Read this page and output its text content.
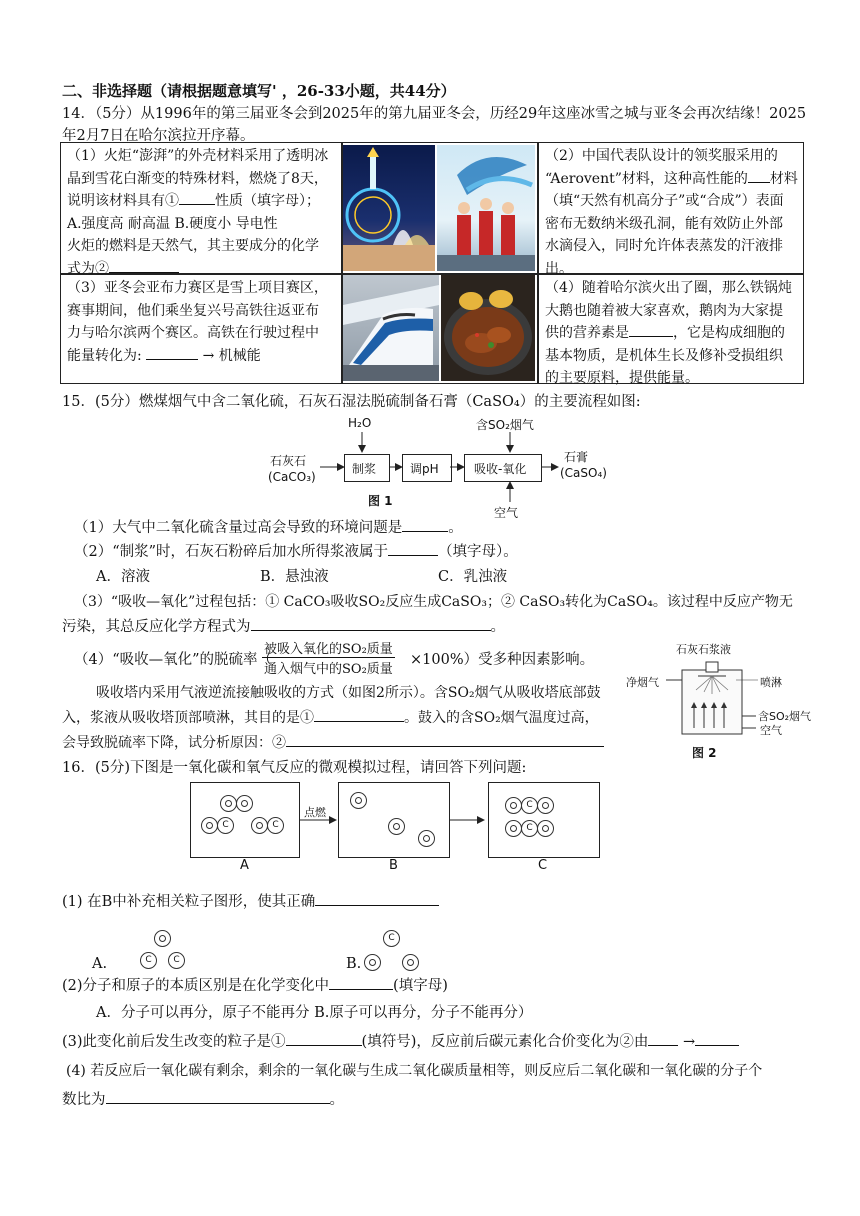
二、非选择题（请根据题意填写' ，26-33小题，共44分）
14．（5分）从1996年的第三届亚冬会到2025年的第九届亚冬会，历经29年这座冰雪之城与亚冬会再次结缘！2025
年2月7日在哈尔滨拉开序幕。
（1）火炬“澎湃”的外壳材料采用了透明冰
晶到雪花白渐变的特殊材料，燃烧了8天，
说明该材料具有①	性质（填字母）；
A.强度高 耐高温 B.硬度小 导电性
火炬的燃料是天然气，其主要成分的化学
式为②
（2）中国代表队设计的领奖服采用的
“Aerovent”材料，这种高性能的 材料
（填“天然有机高分子”或“合成”）表面
密布无数纳米级孔洞，能有效防止外部
水滴侵入，同时允许体表蒸发的汗液排
出。
（3）亚冬会亚布力赛区是雪上项目赛区，
赛事期间，他们乘坐复兴号高铁往返亚布
力与哈尔滨两个赛区。高铁在行驶过程中
能量转化为:	→ 机械能
（4）随着哈尔滨火出了圈，那么铁锅炖
大鹅也随着被大家喜欢，鹅肉为大家提
供的营养素是	，它是构成细胞的
基本物质，是机体生长及修补受损组织
的主要原料，提供能量。
15．(5分）燃煤烟气中含二氧化硫，石灰石湿法脱硫制备石膏（CaSO₄）的主要流程如图:
制浆	调pH	吸收-氧化
H₂O	含SO₂烟气
石灰石
(CaCO₃)
石膏
(CaSO₄)
空气
图 1
（1）大气中二氧化硫含量过高会导致的环境问题是	。
（2）“制浆”时，石灰石粉碎后加水所得浆液属于	（填字母）。
A．溶液	B．悬浊液	C．乳浊液
（3）“吸收—氧化”过程包括：① CaCO₃吸收SO₂反应生成CaSO₃；② CaSO₃转化为CaSO₄。该过程中反应产物无
污染，其总反应化学方程式为	。
（4）“吸收—氧化”的脱硫率（
被吸入氧化的SO₂质量
通入烟气中的SO₂质量
×100%）受多种因素影响。
吸收塔内采用气液逆流接触吸收的方式（如图2所示）。含SO₂烟气从吸收塔底部鼓
入，浆液从吸收塔顶部喷淋，其目的是①	。鼓入的含SO₂烟气温度过高，
会导致脱硫率下降，试分析原因：②
石灰石浆液
净烟气	喷淋
含SO₂烟气
空气
图 2
16．(5分)下图是一氧化碳和氧气反应的微观模拟过程，请回答下列问题:
点燃
C	C
C
C
A	B	C
(1) 在B中补充相关粒子图形，使其正确
C	C
A.
C
B.
(2)分子和原子的本质区别是在化学变化中	(填字母)
A．分子可以再分，原子不能再分 B.原子可以再分，分子不能再分）
(3)此变化前后发生改变的粒子是①	(填符号)，反应前后碳元素化合价变化为②由 →
(4) 若反应后一氧化碳有剩余，剩余的一氧化碳与生成二氧化碳质量相等，则反应后二氧化碳和一氧化碳的分子个
数比为	。
